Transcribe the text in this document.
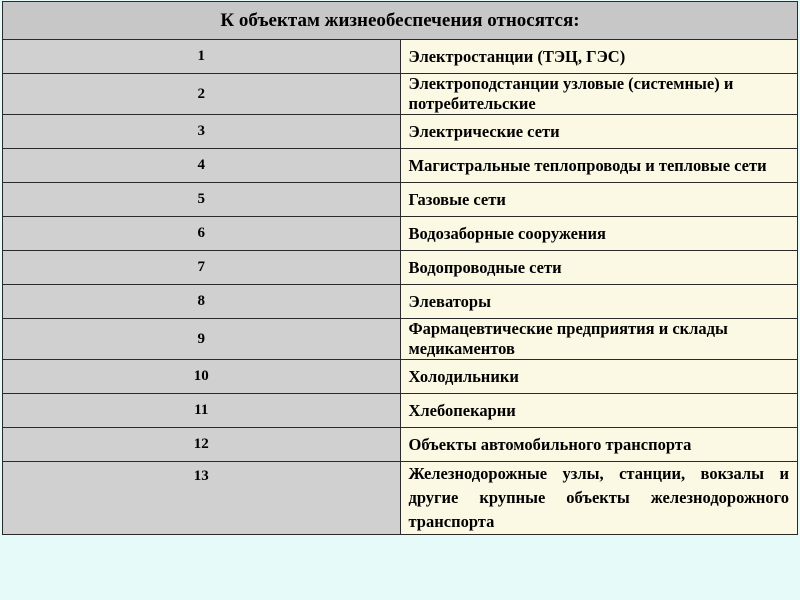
К объектам жизнеобеспечения относятся:	
1	Электростанции (ТЭЦ, ГЭС)
2	Электроподстанции узловые (системные) и потребительские
3	Электрические сети
4	Магистральные теплопроводы и тепловые сети
5	Газовые сети
6	Водозаборные сооружения
7	Водопроводные сети
8	Элеваторы
9	Фармацевтические предприятия и склады медикаментов
10	Холодильники
11	Хлебопекарни
12	Объекты автомобильного транспорта
13	Железнодорожные узлы, станции, вокзалы и другие крупные объекты железнодорожного транспорта
